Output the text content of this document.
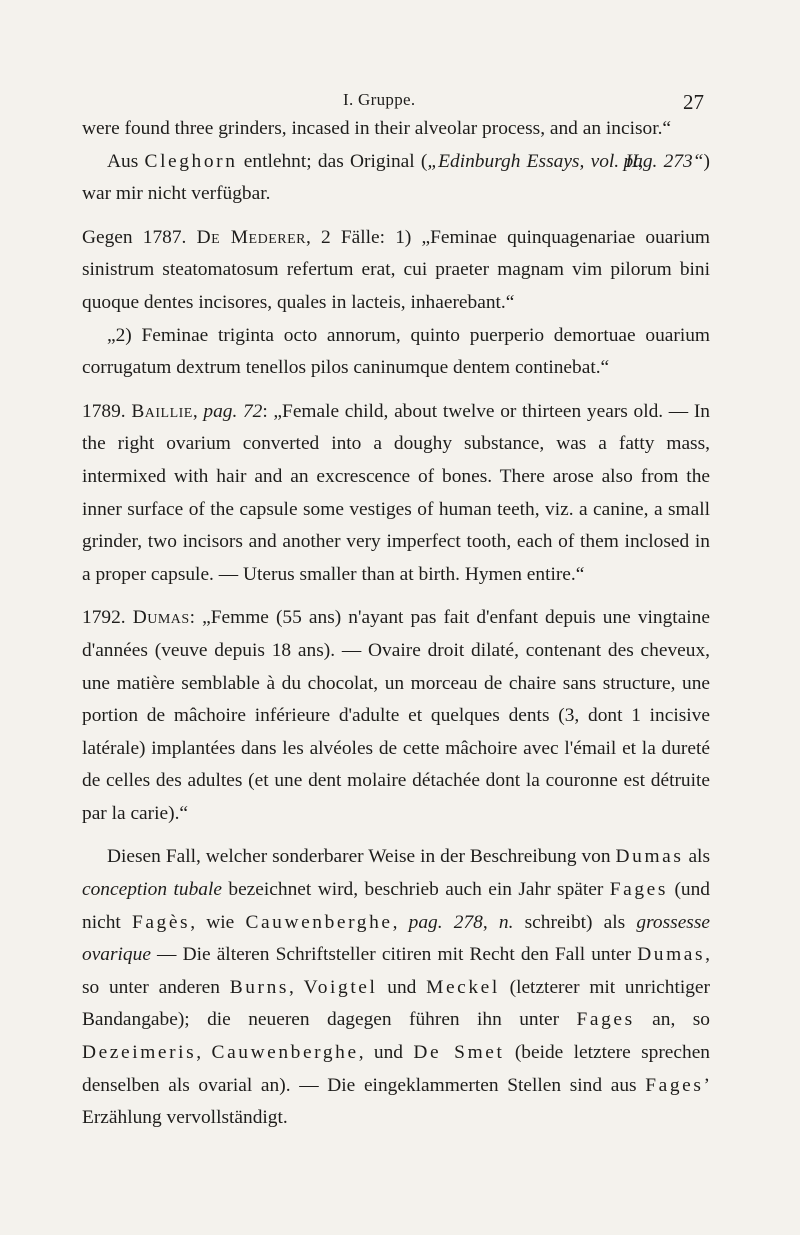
I. Gruppe.	27

were found three grinders, incased in their alveolar process, and an incisor.“

Aus Cleghorn entlehnt; das Original („Edinburgh Essays, vol. II, pag. 273“) war mir nicht verfügbar.

Gegen 1787. De Mederer, 2 Fälle: 1) „Feminae quinquagenariae ouarium sinistrum steatomatosum refertum erat, cui praeter magnam vim pilorum bini quoque dentes incisores, quales in lacteis, inhaerebant.“

„2) Feminae triginta octo annorum, quinto puerperio demortuae ouarium corrugatum dextrum tenellos pilos caninumque dentem continebat.“

1789. Baillie, pag. 72: „Female child, about twelve or thirteen years old. — In the right ovarium converted into a doughy substance, was a fatty mass, intermixed with hair and an excrescence of bones. There arose also from the inner surface of the capsule some vestiges of human teeth, viz. a canine, a small grinder, two incisors and another very imperfect tooth, each of them inclosed in a proper capsule. — Uterus smaller than at birth. Hymen entire.“

1792. Dumas: „Femme (55 ans) n'ayant pas fait d'enfant depuis une vingtaine d'années (veuve depuis 18 ans). — Ovaire droit dilaté, contenant des cheveux, une matière semblable à du chocolat, un morceau de chaire sans structure, une portion de mâchoire inférieure d'adulte et quelques dents (3, dont 1 incisive latérale) implantées dans les alvéoles de cette mâchoire avec l'émail et la dureté de celles des adultes (et une dent molaire détachée dont la couronne est détruite par la carie).“

Diesen Fall, welcher sonderbarer Weise in der Beschreibung von Dumas als conception tubale bezeichnet wird, beschrieb auch ein Jahr später Fages (und nicht Fagès, wie Cauwenberghe, pag. 278, n. schreibt) als grossesse ovarique — Die älteren Schriftsteller citiren mit Recht den Fall unter Dumas, so unter anderen Burns, Voigtel und Meckel (letzterer mit unrichtiger Bandangabe); die neueren dagegen führen ihn unter Fages an, so Dezeimeris, Cauwenberghe, und De Smet (beide letztere sprechen denselben als ovarial an). — Die eingeklammerten Stellen sind aus Fages’ Erzählung vervollständigt.
